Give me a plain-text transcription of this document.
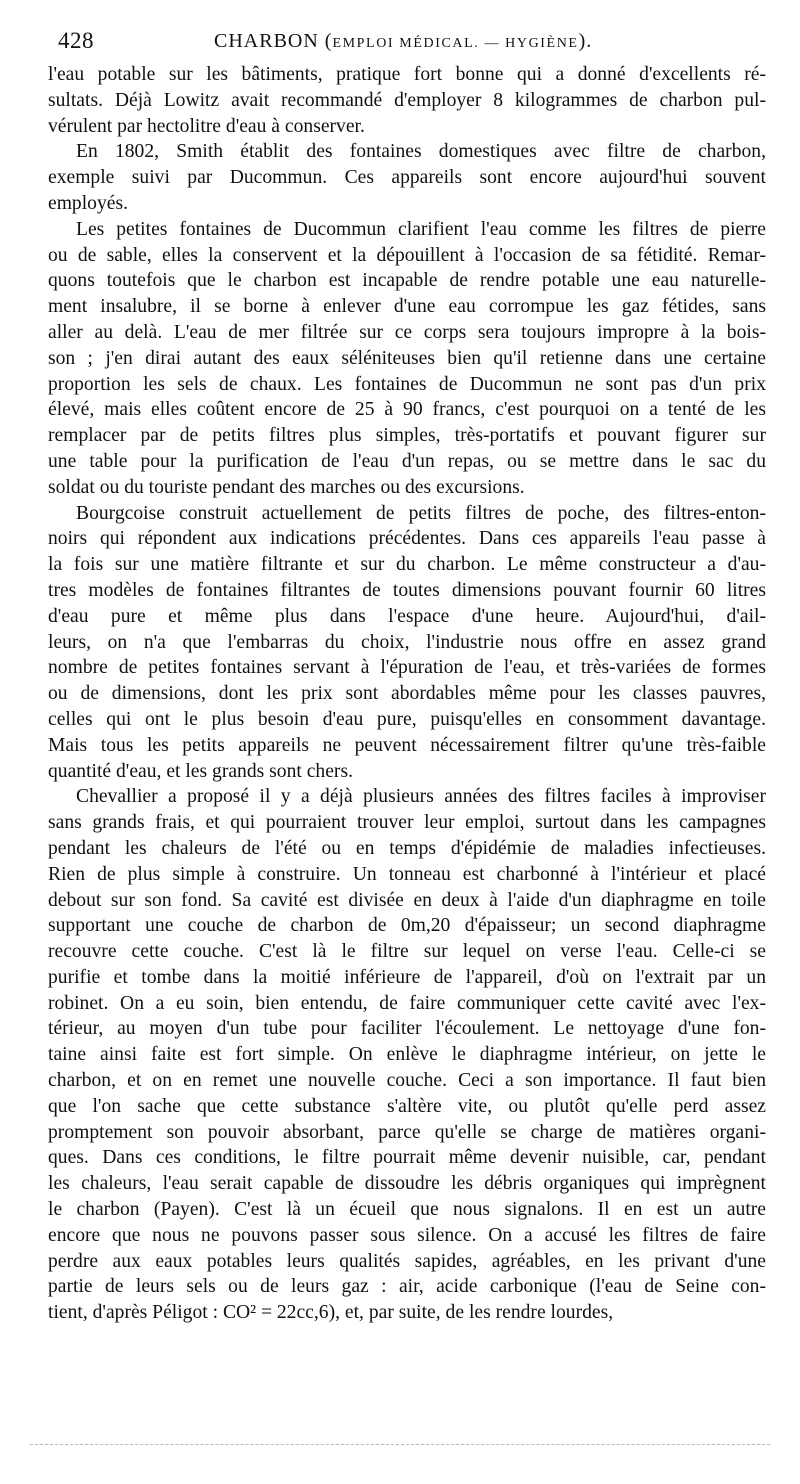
428	CHARBON (EMPLOI MÉDICAL. — HYGIÈNE).
l'eau potable sur les bâtiments, pratique fort bonne qui a donné d'excellents ré-
sultats. Déjà Lowitz avait recommandé d'employer 8 kilogrammes de charbon pul-
vérulent par hectolitre d'eau à conserver.
En 1802, Smith établit des fontaines domestiques avec filtre de charbon,
exemple suivi par Ducommun. Ces appareils sont encore aujourd'hui souvent
employés.
Les petites fontaines de Ducommun clarifient l'eau comme les filtres de pierre
ou de sable, elles la conservent et la dépouillent à l'occasion de sa fétidité. Remar-
quons toutefois que le charbon est incapable de rendre potable une eau naturelle-
ment insalubre, il se borne à enlever d'une eau corrompue les gaz fétides, sans
aller au delà. L'eau de mer filtrée sur ce corps sera toujours impropre à la bois-
son ; j'en dirai autant des eaux séléniteuses bien qu'il retienne dans une certaine
proportion les sels de chaux. Les fontaines de Ducommun ne sont pas d'un prix
élevé, mais elles coûtent encore de 25 à 90 francs, c'est pourquoi on a tenté de les
remplacer par de petits filtres plus simples, très-portatifs et pouvant figurer sur
une table pour la purification de l'eau d'un repas, ou se mettre dans le sac du
soldat ou du touriste pendant des marches ou des excursions.
Bourgcoise construit actuellement de petits filtres de poche, des filtres-enton-
noirs qui répondent aux indications précédentes. Dans ces appareils l'eau passe à
la fois sur une matière filtrante et sur du charbon. Le même constructeur a d'au-
tres modèles de fontaines filtrantes de toutes dimensions pouvant fournir 60 litres
d'eau pure et même plus dans l'espace d'une heure. Aujourd'hui, d'ail-
leurs, on n'a que l'embarras du choix, l'industrie nous offre en assez grand
nombre de petites fontaines servant à l'épuration de l'eau, et très-variées de formes
ou de dimensions, dont les prix sont abordables même pour les classes pauvres,
celles qui ont le plus besoin d'eau pure, puisqu'elles en consomment davantage.
Mais tous les petits appareils ne peuvent nécessairement filtrer qu'une très-faible
quantité d'eau, et les grands sont chers.
Chevallier a proposé il y a déjà plusieurs années des filtres faciles à improviser
sans grands frais, et qui pourraient trouver leur emploi, surtout dans les campagnes
pendant les chaleurs de l'été ou en temps d'épidémie de maladies infectieuses.
Rien de plus simple à construire. Un tonneau est charbonné à l'intérieur et placé
debout sur son fond. Sa cavité est divisée en deux à l'aide d'un diaphragme en toile
supportant une couche de charbon de 0m,20 d'épaisseur; un second diaphragme
recouvre cette couche. C'est là le filtre sur lequel on verse l'eau. Celle-ci se
purifie et tombe dans la moitié inférieure de l'appareil, d'où on l'extrait par un
robinet. On a eu soin, bien entendu, de faire communiquer cette cavité avec l'ex-
térieur, au moyen d'un tube pour faciliter l'écoulement. Le nettoyage d'une fon-
taine ainsi faite est fort simple. On enlève le diaphragme intérieur, on jette le
charbon, et on en remet une nouvelle couche. Ceci a son importance. Il faut bien
que l'on sache que cette substance s'altère vite, ou plutôt qu'elle perd assez
promptement son pouvoir absorbant, parce qu'elle se charge de matières organi-
ques. Dans ces conditions, le filtre pourrait même devenir nuisible, car, pendant
les chaleurs, l'eau serait capable de dissoudre les débris organiques qui imprègnent
le charbon (Payen). C'est là un écueil que nous signalons. Il en est un autre
encore que nous ne pouvons passer sous silence. On a accusé les filtres de faire
perdre aux eaux potables leurs qualités sapides, agréables, en les privant d'une
partie de leurs sels ou de leurs gaz : air, acide carbonique (l'eau de Seine con-
tient, d'après Péligot : CO² = 22cc,6), et, par suite, de les rendre lourdes,
